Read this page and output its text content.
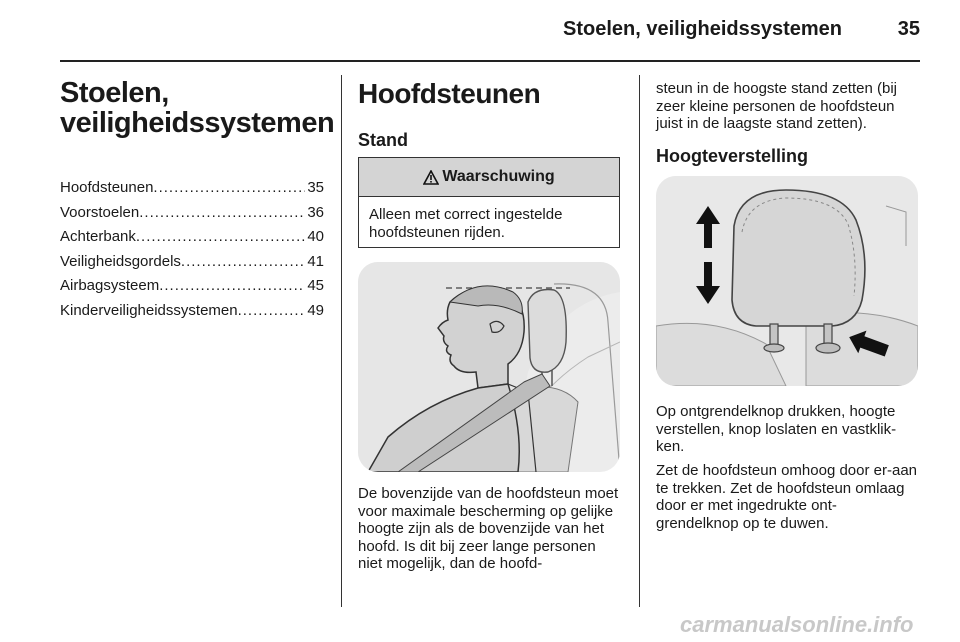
Stoelen, veiligheidssystemen	35
Stoelen, veiligheidssystemen
Hoofdsteunen .....	35
Voorstoelen .....	36
Achterbank .....	40
Veiligheidsgordels .....	41
Airbagsysteem .....	45
Kinderveiligheidssystemen .....	49
Hoofdsteunen
Stand
Waarschuwing
Alleen met correct ingestelde hoofdsteunen rijden.
De bovenzijde van de hoofdsteun moet voor maximale bescherming op gelijke hoogte zijn als de bovenzijde van het hoofd. Is dit bij zeer lange personen niet mogelijk, dan de hoofd-
steun in de hoogste stand zetten (bij zeer kleine personen de hoofdsteun juist in de laagste stand zetten).
Hoogteverstelling
Op ontgrendelknop drukken, hoogte verstellen, knop loslaten en vastklik-ken.
Zet de hoofdsteun omhoog door er-aan te trekken. Zet de hoofdsteun omlaag door er met ingedrukte ont-grendelknop op te duwen.
carmanualsonline.info
